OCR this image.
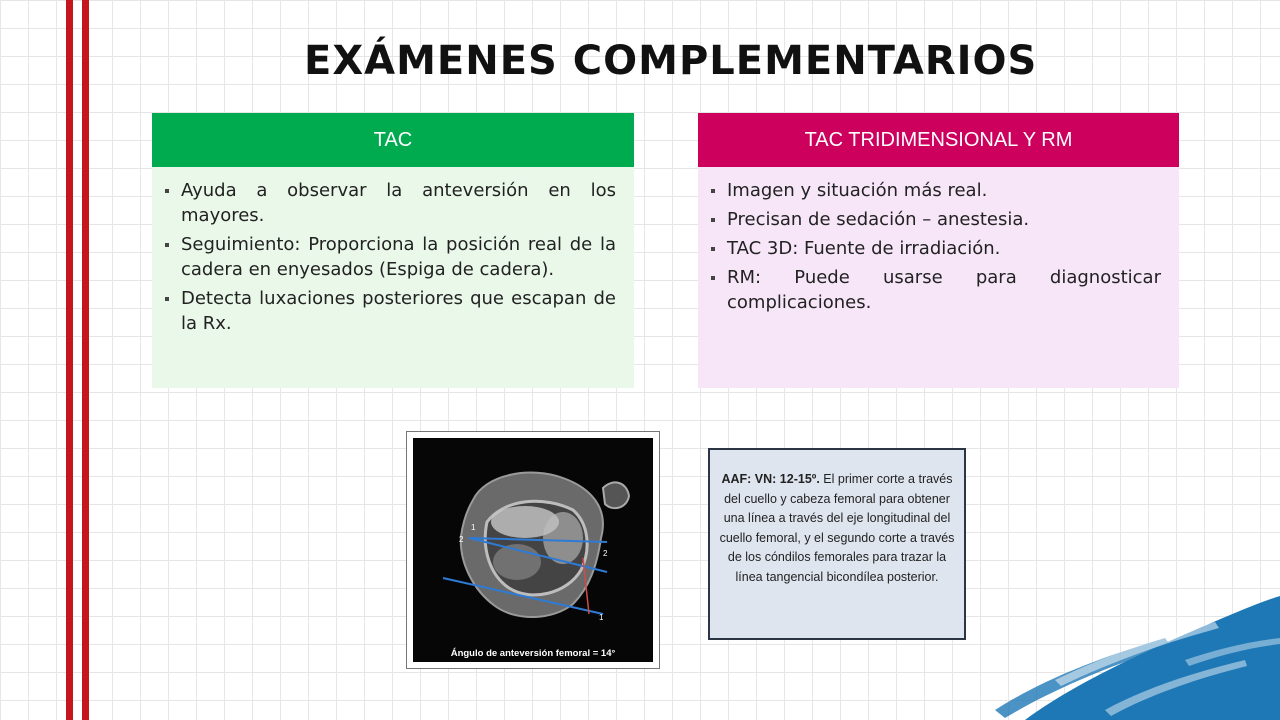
EXÁMENES COMPLEMENTARIOS
TAC
Ayuda a observar la anteversión en los mayores.
Seguimiento: Proporciona la posición real de la cadera en enyesados (Espiga de cadera).
Detecta luxaciones posteriores que escapan de la Rx.
TAC TRIDIMENSIONAL Y RM
Imagen y situación más real.
Precisan de sedación – anestesia.
TAC 3D: Fuente de irradiación.
RM: Puede usarse para diagnosticar complicaciones.
2
1
2
1
Ángulo de anteversión femoral = 14°
AAF: VN: 12-15º. El primer corte a través del cuello y cabeza femoral para obtener una línea a través del eje longitudinal del cuello femoral, y el segundo corte a través de los cóndilos femorales para trazar la línea tangencial bicondílea posterior.
